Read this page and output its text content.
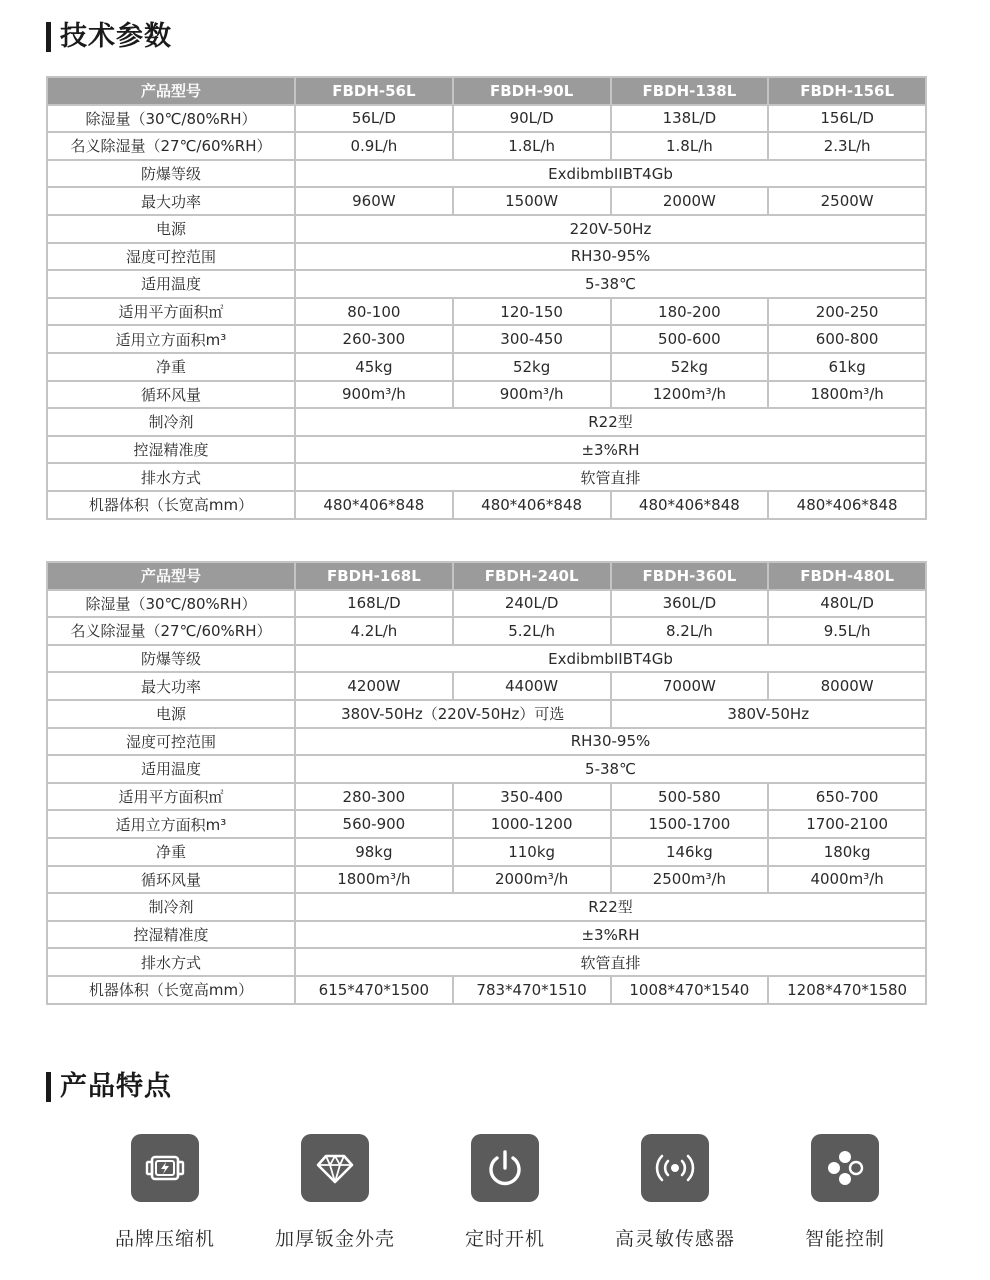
技术参数
产品型号	FBDH-56L	FBDH-90L	FBDH-138L	FBDH-156L
除湿量（30℃/80%RH）	56L/D	90L/D	138L/D	156L/D
名义除湿量（27℃/60%RH）	0.9L/h	1.8L/h	1.8L/h	2.3L/h
防爆等级	ExdibmbIIBT4Gb			
最大功率	960W	1500W	2000W	2500W
电源	220V-50Hz			
湿度可控范围	RH30-95%			
适用温度	5-38℃			
适用平方面积㎡	80-100	120-150	180-200	200-250
适用立方面积m³	260-300	300-450	500-600	600-800
净重	45kg	52kg	52kg	61kg
循环风量	900m³/h	900m³/h	1200m³/h	1800m³/h
制冷剂	R22型			
控湿精准度	±3%RH			
排水方式	软管直排			
机器体积（长宽高mm）	480*406*848	480*406*848	480*406*848	480*406*848
产品型号	FBDH-168L	FBDH-240L	FBDH-360L	FBDH-480L
除湿量（30℃/80%RH）	168L/D	240L/D	360L/D	480L/D
名义除湿量（27℃/60%RH）	4.2L/h	5.2L/h	8.2L/h	9.5L/h
防爆等级	ExdibmbIIBT4Gb			
最大功率	4200W	4400W	7000W	8000W
电源	380V-50Hz（220V-50Hz）可选		380V-50Hz	
湿度可控范围	RH30-95%			
适用温度	5-38℃			
适用平方面积㎡	280-300	350-400	500-580	650-700
适用立方面积m³	560-900	1000-1200	1500-1700	1700-2100
净重	98kg	110kg	146kg	180kg
循环风量	1800m³/h	2000m³/h	2500m³/h	4000m³/h
制冷剂	R22型			
控湿精准度	±3%RH			
排水方式	软管直排			
机器体积（长宽高mm）	615*470*1500	783*470*1510	1008*470*1540	1208*470*1580
产品特点
品牌压缩机	加厚钣金外壳	定时开机	高灵敏传感器	智能控制
